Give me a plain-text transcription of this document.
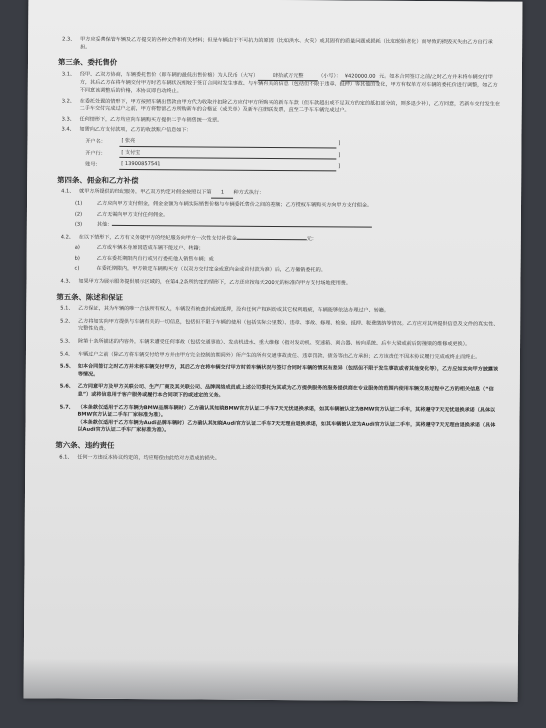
2.3、 甲方应妥善保管车辆及乙方提交的各种文件和有关材料；但是车辆由于不可抗力的原因（比如洪水、火灾）或其固有的质量问题或损耗（比如轮胎老化）而导致的损毁灭失由乙方自行承担。
第三条、委托售价
3.1、 经甲、乙双方协商，车辆委托售价（即车辆的最低出售价格）为人民币（大写）	肆拾贰万元整	（小写）： ¥420000.00 元。如本合同签订之前/之时乙方并未将车辆交付甲方，其后乙方在将车辆交付甲方时若车辆状况相较于签订合同时发生事故、与车辆有关的信息（包括但不限于违章、抵押）等其他的变化，甲方有权单方对车辆的委托价进行调整，如乙方不同意该调整后的价格，本协议即自动终止。
3.2、 在委托处置的情形下，甲方按照车辆出售款由甲方代为收取并扣除乙方应付甲方所购买的新车车款（但车款超出或不足双方约定的抵扣部分的，则多退少补），乙方同意，若新车交付发生在二手车交付完成过户之前，甲方将暂留乙方所购新车的合格证（或关单）及新车注册联发票，直至二手车车辆完成过户。
3.3、 任何情形下，乙方均应向车辆购买方提供二手车销售统一发票。
3.4、 如需向乙方支付款项，乙方的收款账户信息如下：
开户名：	[ 张亮	]
开户行：	[ 支付宝	]
账号：	[ 13900857541	]
第四条、佣金和乙方补偿
4.1、 就甲方所提供的经纪服务，甲乙双方约定对佣金按照以下第 1 种方式执行：
(1)	乙方应向甲方支付佣金，佣金金额为车辆实际销售价格与车辆委托售价之间的差额；乙方授权车辆购买方向甲方支付佣金。
(2)	乙方无需向甲方支付任何佣金。
(3)	其他：
4.2、 在以下情形下，乙方有义务就甲方的经纪服务向甲方一次性支付补偿金	元：
a)	乙方或车辆本身原因造成车辆不能过户、转籍；
b)	乙方在委托期限内自行或另行委托他人销售车辆；或
c)	在委托期限内，甲方锁定车辆购买方（以双方交付定金或意向金或首付款为准）后，乙方撤销委托的。
4.3、 如果甲方为展示服务提供展示区域的，在第4.2条所约定的情形下，乙方还应按每天200元的标准向甲方支付场地使用费。
第五条、陈述和保证
5.1、 乙方保证，其为车辆的唯一合法所有权人，车辆没有被查封或被抵押，没有任何产权纠纷或其它权利瑕疵，车辆能够依法办理过户、转籍。
5.2、 乙方将如实向甲方提供与车辆有关的一切信息，包括但不限于车辆的使用（包括实际公里数）、违章、事故、修理、检验、抵押、税费缴纳等情况。乙方应对其所提供信息及文件的真实性、完整性负责。
5.3、 除第十条所描述的内容外，车辆未遭受任何事故（包括交通事故）、发动机进水、重大维修（指对发动机、变速箱、离合器、转向系统、后车大梁或前后防撞梁的维修或更换）。
5.4、 车辆过户之前（除乙方将车辆交付给甲方并由甲方完全控制的期间外）所产生的所有交通事故责任、违章罚款、债务等由乙方承担；乙方该责任不因本协议履行完成或终止而终止。
5.5、 如本合同签订之时乙方并未将车辆交付甲方，其后乙方在将车辆交付甲方时若车辆状况与签订合同时车辆的情况有差异（包括但不限于发生事故或者其他变化等），乙方应如实向甲方披露该等情况。
5.6、 乙方同意甲方及甲方关联公司、生产厂商及其关联公司、品牌网络成员或上述公司委托为其或为乙方提供服务的服务提供商在专业服务的范围内使用车辆交易过程中乙方的相关信息（“信息”）或将信息用于客户服务或履行本合同项下的或述定的义务。
5.7、 （本条款仅适用于乙方车辆为BMW品牌车辆时）乙方确认其知晓BMW官方认证二手车7天无忧退换承诺，如其车辆被认定为BMW官方认证二手车，其将遵守7天无忧退换承诺（具体以BMW官方认证二手车厂家标准为准）。
（本条款仅适用于乙方车辆为Audi品牌车辆时）乙方确认其知晓Audi官方认证二手车7天无理由退换承诺，如其车辆被认定为Audi官方认证二手车，其将遵守7天无理由退换承诺（具体以Audi官方认证二手车厂家标准为准）。
第六条、违约责任
6.1、 任何一方违反本协议约定的，均应赔偿由此给对方造成的损失。
